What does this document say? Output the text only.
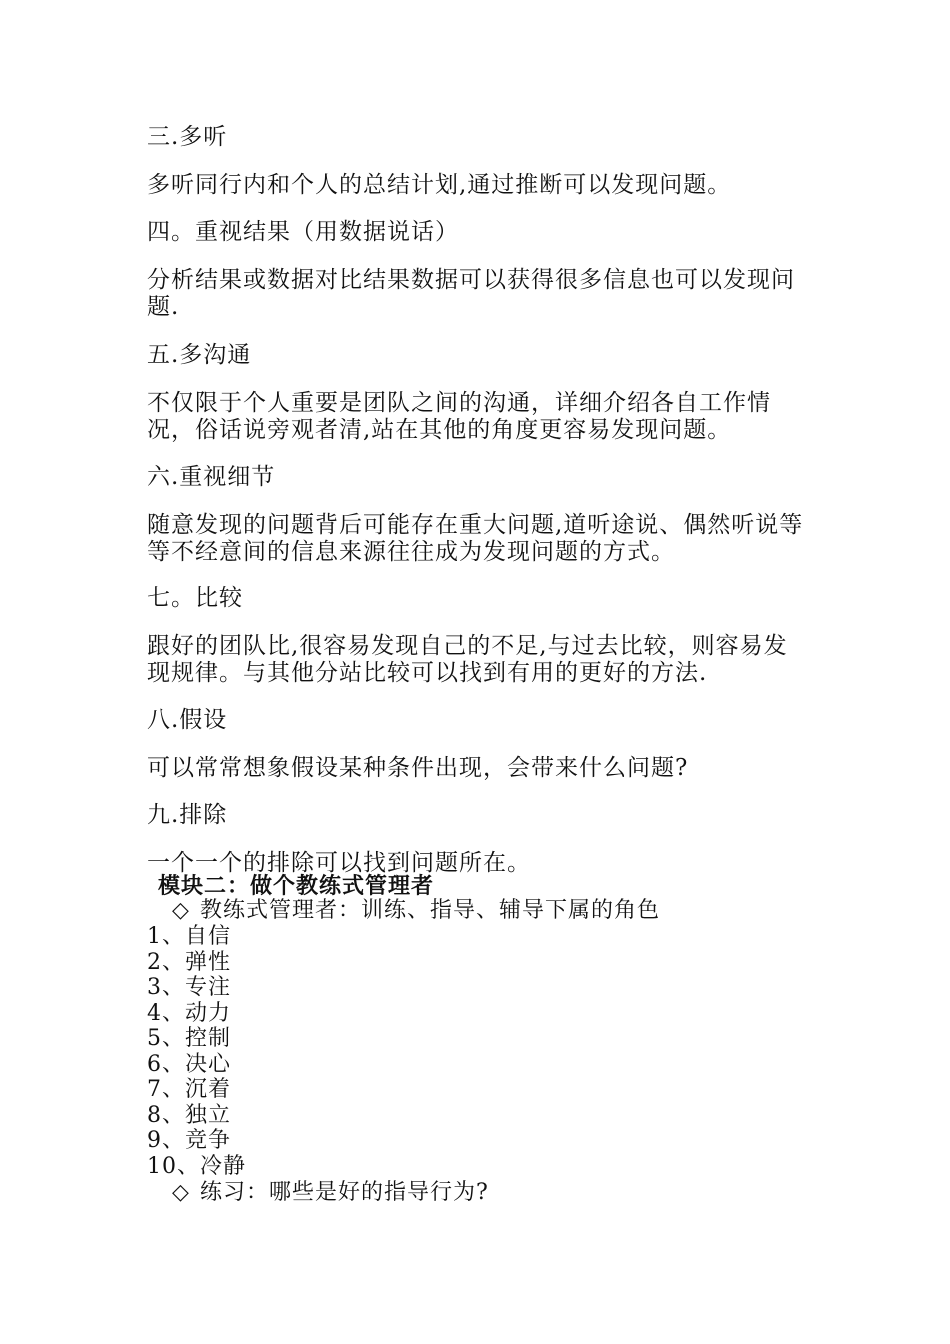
三.多听
多听同行内和个人的总结计划,通过推断可以发现问题。
四。重视结果（用数据说话）
分析结果或数据对比结果数据可以获得很多信息也可以发现问题.
五.多沟通
不仅限于个人重要是团队之间的沟通，详细介绍各自工作情况，俗话说旁观者清,站在其他的角度更容易发现问题。
六.重视细节
随意发现的问题背后可能存在重大问题,道听途说、偶然听说等等不经意间的信息来源往往成为发现问题的方式。
七。比较
跟好的团队比,很容易发现自己的不足,与过去比较，则容易发现规律。与其他分站比较可以找到有用的更好的方法.
八.假设
可以常常想象假设某种条件出现，会带来什么问题?
九.排除
一个一个的排除可以找到问题所在。
模块二：做个教练式管理者
◇ 教练式管理者：训练、指导、辅导下属的角色
1、自信
2、弹性
3、专注
4、动力
5、控制
6、决心
7、沉着
8、独立
9、竞争
10、冷静
◇ 练习：哪些是好的指导行为?
